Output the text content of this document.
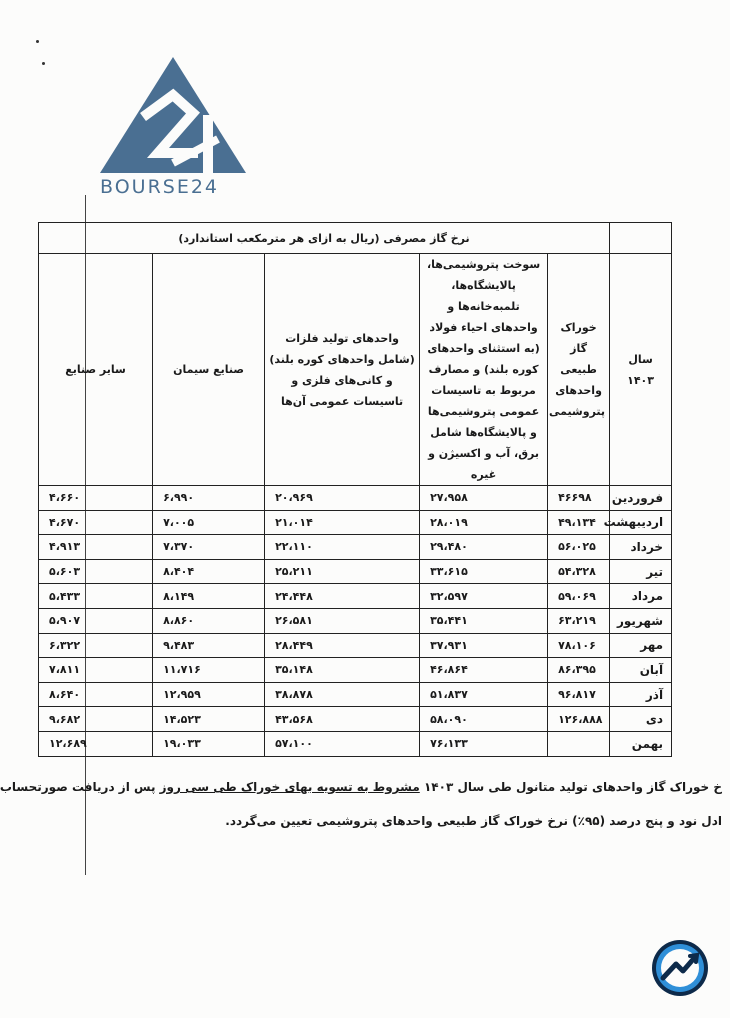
BOURSE24
	نرخ گاز مصرفی (ریال به ازای هر مترمکعب استاندارد)				
سال ۱۴۰۳	خوراک گاز طبیعی واحدهای پتروشیمی	سوخت پتروشیمی‌ها، پالایشگاه‌ها، تلمبه‌خانه‌ها و واحدهای احیاء فولاد (به استثنای واحدهای کوره بلند) و مصارف مربوط به تاسیسات عمومی پتروشیمی‌ها و پالایشگاه‌ها شامل برق، آب و اکسیژن و غیره	واحدهای تولید فلزات (شامل واحدهای کوره بلند) و کانی‌های فلزی و تاسیسات عمومی آن‌ها	صنایع سیمان	سایر صنایع
فروردین	۴۶۶۹۸	۲۷،۹۵۸	۲۰،۹۶۹	۶،۹۹۰	۴،۶۶۰
اردیبهشت	۴۹،۱۳۴	۲۸،۰۱۹	۲۱،۰۱۴	۷،۰۰۵	۴،۶۷۰
خرداد	۵۶،۰۲۵	۲۹،۴۸۰	۲۲،۱۱۰	۷،۳۷۰	۴،۹۱۳
تیر	۵۴،۳۲۸	۳۳،۶۱۵	۲۵،۲۱۱	۸،۴۰۴	۵،۶۰۳
مرداد	۵۹،۰۶۹	۳۲،۵۹۷	۲۴،۴۴۸	۸،۱۴۹	۵،۴۳۳
شهریور	۶۳،۲۱۹	۳۵،۴۴۱	۲۶،۵۸۱	۸،۸۶۰	۵،۹۰۷
مهر	۷۸،۱۰۶	۳۷،۹۳۱	۲۸،۴۴۹	۹،۴۸۳	۶،۳۲۲
آبان	۸۶،۳۹۵	۴۶،۸۶۴	۳۵،۱۴۸	۱۱،۷۱۶	۷،۸۱۱
آذر	۹۶،۸۱۷	۵۱،۸۳۷	۳۸،۸۷۸	۱۲،۹۵۹	۸،۶۴۰
دی	۱۲۶،۸۸۸	۵۸،۰۹۰	۴۳،۵۶۸	۱۴،۵۲۳	۹،۶۸۲
بهمن		۷۶،۱۳۳	۵۷،۱۰۰	۱۹،۰۳۳	۱۲،۶۸۹
خ خوراک گاز واحدهای تولید متانول طی سال ۱۴۰۳ مشروط به تسویه بهای خوراک طی سی روز پس از دریافت صورتحساب
ادل نود و پنج درصد (۹۵٪) نرخ خوراک گاز طبیعی واحدهای پتروشیمی تعیین می‌گردد.
